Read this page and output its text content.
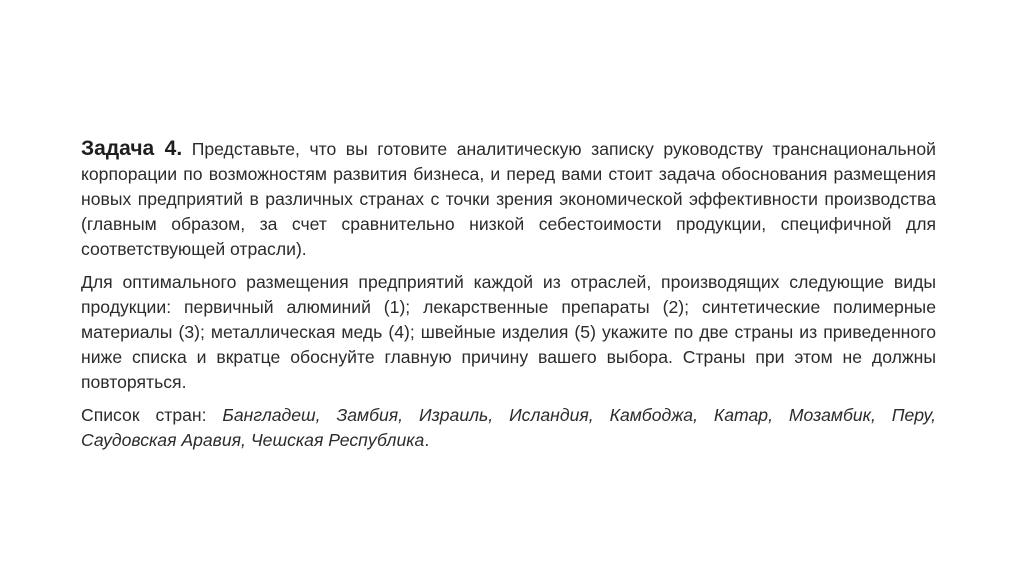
Задача 4. Представьте, что вы готовите аналитическую записку руководству транснациональной корпорации по возможностям развития бизнеса, и перед вами стоит задача обоснования размещения новых предприятий в различных странах с точки зрения экономической эффективности производства (главным образом, за счет сравнительно низкой себестоимости продукции, специфичной для соответствующей отрасли).

Для оптимального размещения предприятий каждой из отраслей, производящих следующие виды продукции: первичный алюминий (1); лекарственные препараты (2); синтетические полимерные материалы (3); металлическая медь (4); швейные изделия (5) укажите по две страны из приведенного ниже списка и вкратце обоснуйте главную причину вашего выбора. Страны при этом не должны повторяться.

Список стран: Бангладеш, Замбия, Израиль, Исландия, Камбоджа, Катар, Мозамбик, Перу, Саудовская Аравия, Чешская Республика.
